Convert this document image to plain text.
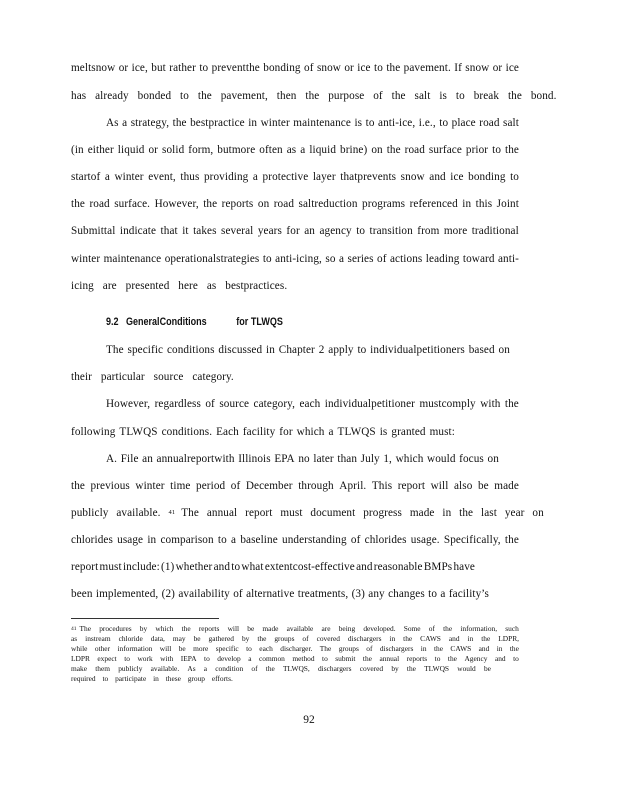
meltsnow or ice, but rather to preventthe bonding of snow or ice to the pavement. If snow or ice
has already bonded to the pavement, then the purpose of the salt is to break the bond.
As a strategy, the bestpractice in winter maintenance is to anti-ice, i.e., to place road salt
(in either liquid or solid form, butmore often as a liquid brine) on the road surface prior to the
startof a winter event, thus providing a protective layer thatprevents snow and ice bonding to
the road surface. However, the reports on road saltreduction programs referenced in this Joint
Submittal indicate that it takes several years for an agency to transition from more traditional
winter maintenance operationalstrategies to anti-icing, so a series of actions leading toward anti-
icing are presented here as bestpractices.
9.2 GeneralConditions	for TLWQS
The specific conditions discussed in Chapter 2 apply to individualpetitioners based on
their particular source category.
However, regardless of source category, each individualpetitioner mustcomply with the
following TLWQS conditions. Each facility for which a TLWQS is granted must:
A. File an annualreportwith Illinois EPA no later than July 1, which would focus on
the previous winter time period of December through April. This report will also be made
publicly available. 41 The annual report must document progress made in the last year on
chlorides usage in comparison to a baseline understanding of chlorides usage. Specifically, the
report must include: (1) whether and to what extentcost-effective and reasonable BMPs have
been implemented, (2) availability of alternative treatments, (3) any changes to a facility’s
41 The procedures by which the reports will be made available are being developed. Some of the information, such
as instream chloride data, may be gathered by the groups of covered dischargers in the CAWS and in the LDPR,
while other information will be more specific to each discharger. The groups of dischargers in the CAWS and in the
LDPR expect to work with IEPA to develop a common method to submit the annual reports to the Agency and to
make them publicly available. As a condition of the TLWQS, dischargers covered by the TLWQS would be
required to participate in these group efforts.
92
